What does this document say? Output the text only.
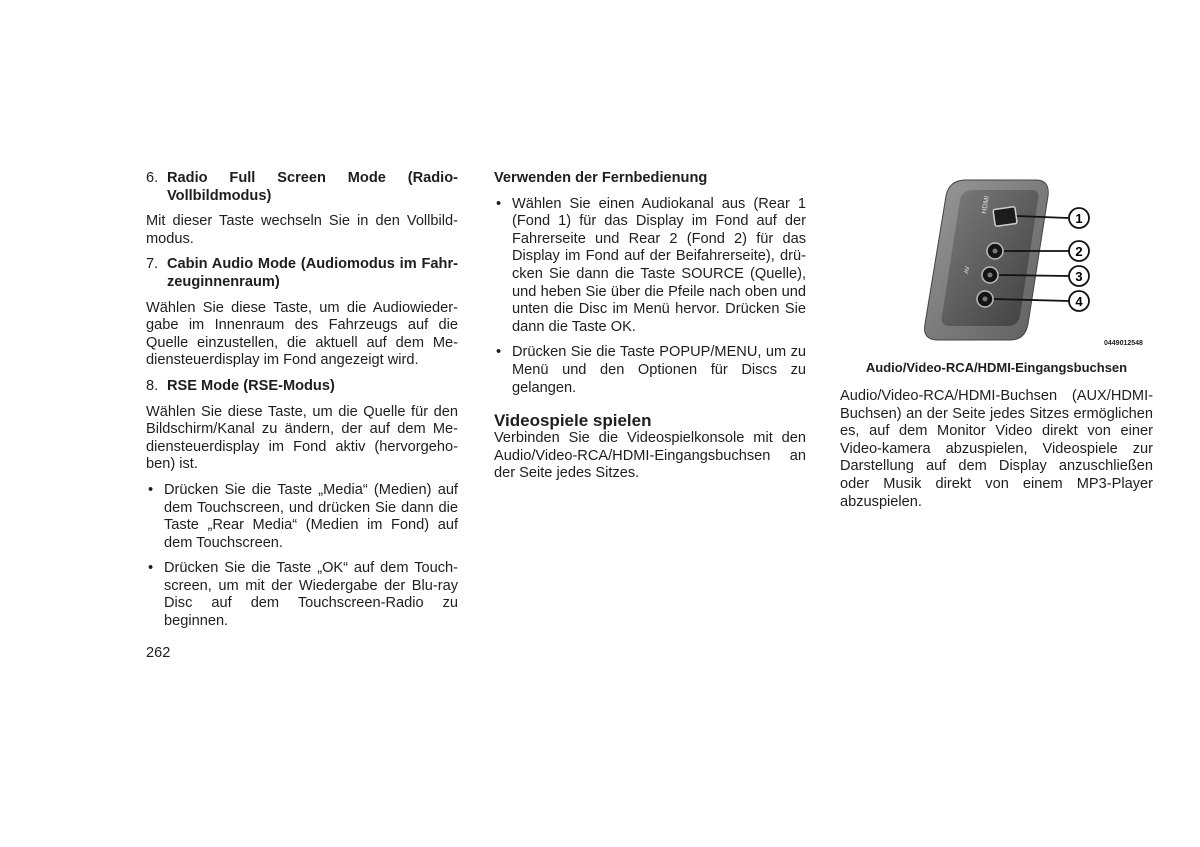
6. Radio Full Screen Mode (Radio-Vollbildmodus)

Mit dieser Taste wechseln Sie in den Vollbild-modus.

7. Cabin Audio Mode (Audiomodus im Fahr-zeuginnenraum)

Wählen Sie diese Taste, um die Audiowieder-gabe im Innenraum des Fahrzeugs auf die Quelle einzustellen, die aktuell auf dem Me-diensteuerdisplay im Fond angezeigt wird.

8. RSE Mode (RSE-Modus)

Wählen Sie diese Taste, um die Quelle für den Bildschirm/Kanal zu ändern, der auf dem Me-diensteuerdisplay im Fond aktiv (hervorgeho-ben) ist.

• Drücken Sie die Taste „Media“ (Medien) auf dem Touchscreen, und drücken Sie dann die Taste „Rear Media“ (Medien im Fond) auf dem Touchscreen.
• Drücken Sie die Taste „OK“ auf dem Touch-screen, um mit der Wiedergabe der Blu-ray Disc auf dem Touchscreen-Radio zu beginnen.
262
Verwenden der Fernbedienung
• Wählen Sie einen Audiokanal aus (Rear 1 (Fond 1) für das Display im Fond auf der Fahrerseite und Rear 2 (Fond 2) für das Display im Fond auf der Beifahrerseite), drü-cken Sie dann die Taste SOURCE (Quelle), und heben Sie über die Pfeile nach oben und unten die Disc im Menü hervor. Drücken Sie dann die Taste OK.
• Drücken Sie die Taste POPUP/MENU, um zu Menü und den Optionen für Discs zu gelangen.
Videospiele spielen

Verbinden Sie die Videospielkonsole mit den Audio/Video-RCA/HDMI-Eingangsbuchsen an der Seite jedes Sitzes.

1
2
3
4
HDMI
AV
0449012548
Audio/Video-RCA/HDMI-Eingangsbuchsen

Audio/Video-RCA/HDMI-Buchsen (AUX/HDMI-Buchsen) an der Seite jedes Sitzes ermöglichen es, auf dem Monitor Video direkt von einer Video-kamera abzuspielen, Videospiele zur Darstellung auf dem Display anzuschließen oder Musik direkt von einem MP3-Player abzuspielen.
